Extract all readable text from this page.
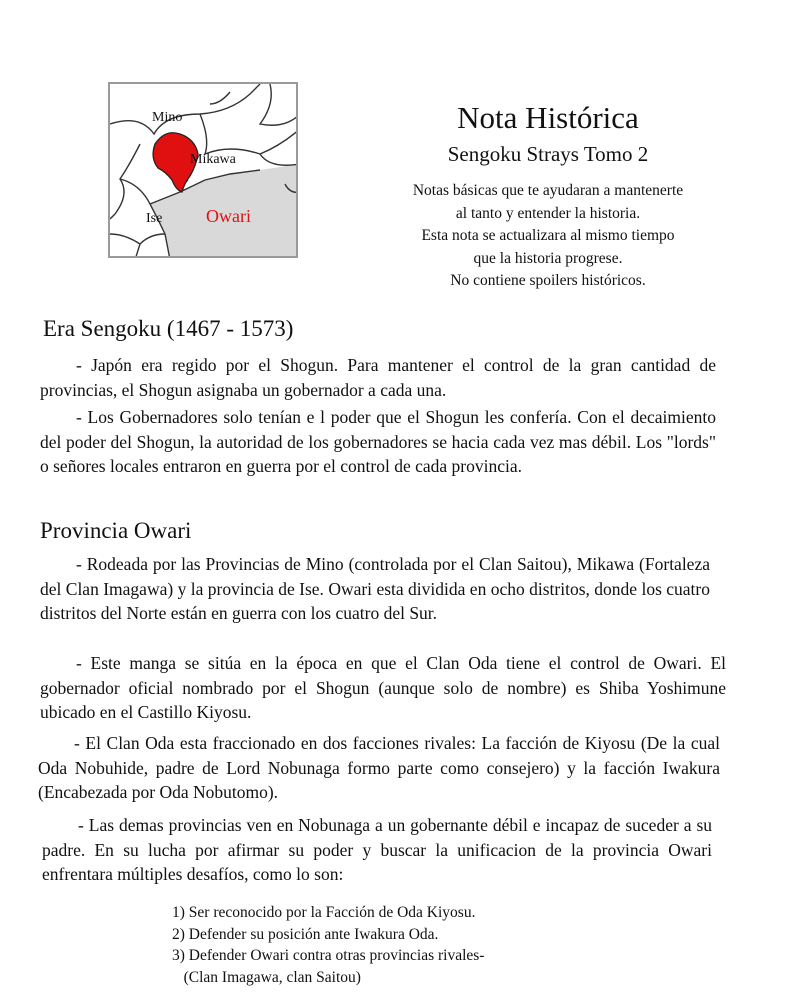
Mino
Mikawa
Ise Owari
Nota Histórica
Sengoku Strays Tomo 2
Notas básicas que te ayudaran a mantenerte
al tanto y entender la historia.
Esta nota se actualizara al mismo tiempo
que la historia progrese.
No contiene spoilers históricos.
Era Sengoku (1467 - 1573)
- Japón era regido por el Shogun. Para mantener el control de la gran cantidad de provincias, el Shogun asignaba un gobernador a cada una.
- Los Gobernadores solo tenían e l poder que el Shogun les confería. Con el decaimiento del poder del Shogun, la autoridad de los gobernadores se hacia cada vez mas débil. Los "lords" o señores locales entraron en guerra por el control de cada provincia.
Provincia Owari
- Rodeada por las Provincias de Mino (controlada por el Clan Saitou), Mikawa (Fortaleza del Clan Imagawa) y la provincia de Ise. Owari esta dividida en ocho distritos, donde los cuatro distritos del Norte están en guerra con los cuatro del Sur.
- Este manga se sitúa en la época en que el Clan Oda tiene el control de Owari. El gobernador oficial nombrado por el Shogun (aunque solo de nombre) es Shiba Yoshimune ubicado en el Castillo Kiyosu.
- El Clan Oda esta fraccionado en dos facciones rivales: La facción de Kiyosu (De la cual Oda Nobuhide, padre de Lord Nobunaga formo parte como consejero) y la facción Iwakura (Encabezada por Oda Nobutomo).
- Las demas provincias ven en Nobunaga a un gobernante débil e incapaz de suceder a su padre. En su lucha por afirmar su poder y buscar la unificacion de la provincia Owari enfrentara múltiples desafíos, como lo son:
1) Ser reconocido por la Facción de Oda Kiyosu.
2) Defender su posición ante Iwakura Oda.
3) Defender Owari contra otras provincias rivales-
(Clan Imagawa, clan Saitou)
